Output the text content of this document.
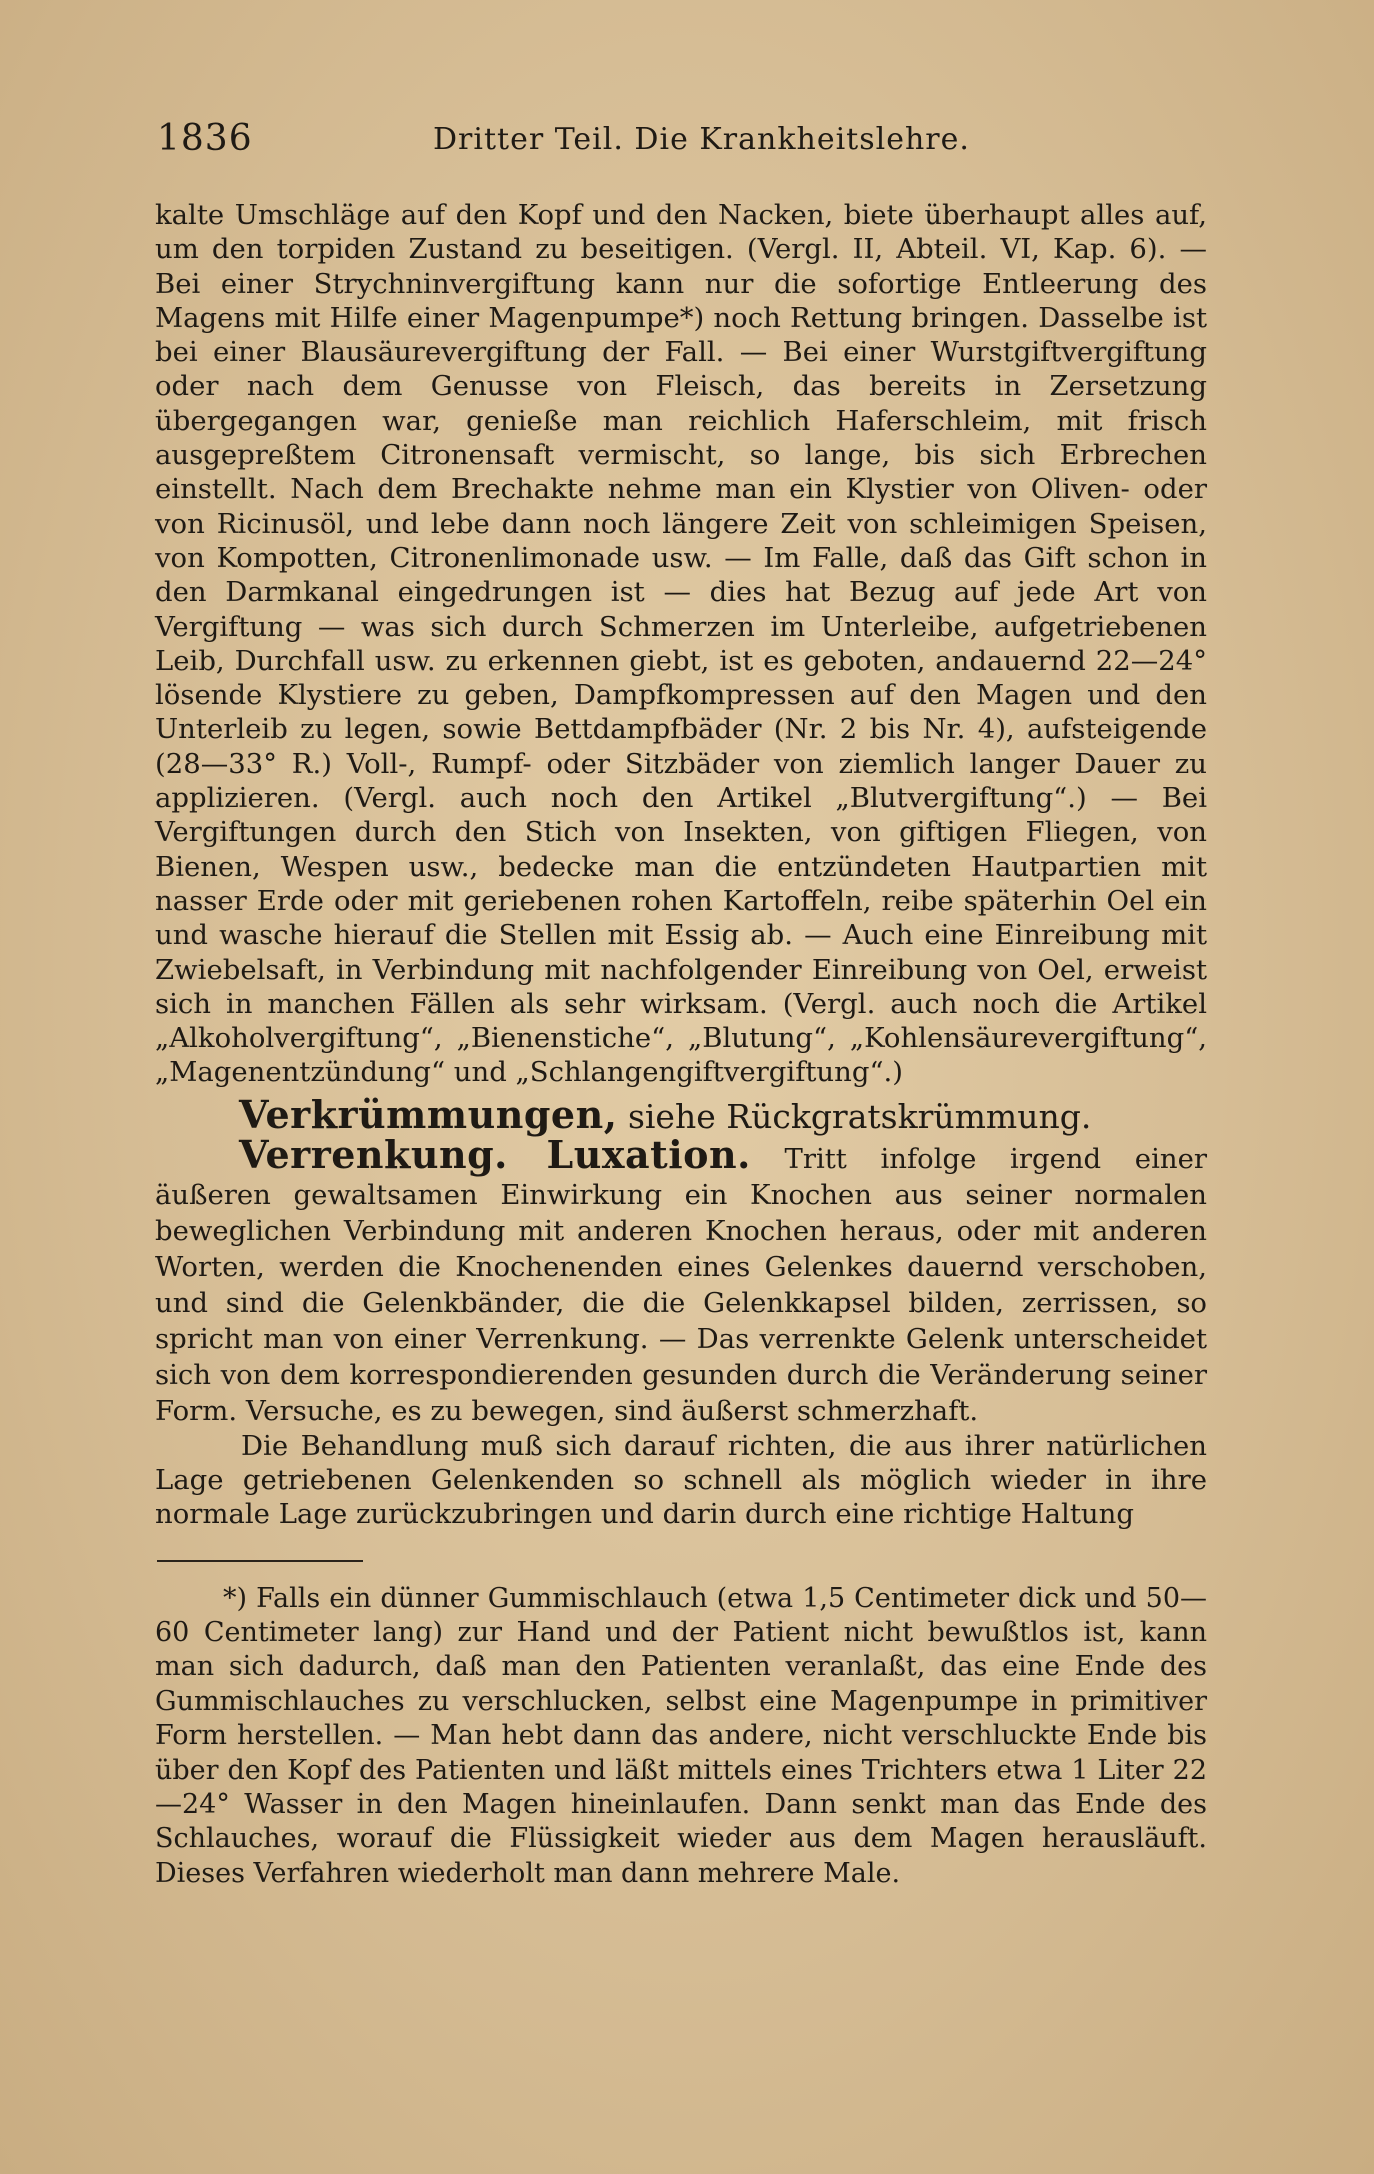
1836	Dritter Teil. Die Krankheitslehre.

kalte Umschläge auf den Kopf und den Nacken, biete überhaupt alles auf, um den torpiden Zustand zu beseitigen. (Vergl. II, Abteil. VI, Kap. 6). — Bei einer Strychninvergiftung kann nur die sofortige Entleerung des Magens mit Hilfe einer Magenpumpe*) noch Rettung bringen. Dasselbe ist bei einer Blausäurevergiftung der Fall. — Bei einer Wurstgiftvergiftung oder nach dem Genusse von Fleisch, das bereits in Zersetzung übergegangen war, genieße man reichlich Haferschleim, mit frisch ausgepreßtem Citronensaft vermischt, so lange, bis sich Erbrechen einstellt. Nach dem Brechakte nehme man ein Klystier von Oliven- oder von Ricinusöl, und lebe dann noch längere Zeit von schleimigen Speisen, von Kompotten, Citronenlimonade usw. — Im Falle, daß das Gift schon in den Darmkanal eingedrungen ist — dies hat Bezug auf jede Art von Vergiftung — was sich durch Schmerzen im Unterleibe, aufgetriebenen Leib, Durchfall usw. zu erkennen giebt, ist es geboten, andauernd 22—24° lösende Klystiere zu geben, Dampfkompressen auf den Magen und den Unterleib zu legen, sowie Bettdampfbäder (Nr. 2 bis Nr. 4), aufsteigende (28—33° R.) Voll-, Rumpf- oder Sitzbäder von ziemlich langer Dauer zu applizieren. (Vergl. auch noch den Artikel „Blutvergiftung“.) — Bei Vergiftungen durch den Stich von Insekten, von giftigen Fliegen, von Bienen, Wespen usw., bedecke man die entzündeten Hautpartien mit nasser Erde oder mit geriebenen rohen Kartoffeln, reibe späterhin Oel ein und wasche hierauf die Stellen mit Essig ab. — Auch eine Einreibung mit Zwiebelsaft, in Verbindung mit nachfolgender Einreibung von Oel, erweist sich in manchen Fällen als sehr wirksam. (Vergl. auch noch die Artikel „Alkoholvergiftung“, „Bienenstiche“, „Blutung“, „Kohlensäurevergiftung“, „Magenentzündung“ und „Schlangengiftvergiftung“.)

Verkrümmungen, siehe Rückgratskrümmung.

Verrenkung. Luxation. Tritt infolge irgend einer äußeren gewaltsamen Einwirkung ein Knochen aus seiner normalen beweglichen Verbindung mit anderen Knochen heraus, oder mit anderen Worten, werden die Knochenenden eines Gelenkes dauernd verschoben, und sind die Gelenkbänder, die die Gelenkkapsel bilden, zerrissen, so spricht man von einer Verrenkung. — Das verrenkte Gelenk unterscheidet sich von dem korrespondierenden gesunden durch die Veränderung seiner Form. Versuche, es zu bewegen, sind äußerst schmerzhaft.

Die Behandlung muß sich darauf richten, die aus ihrer natürlichen Lage getriebenen Gelenkenden so schnell als möglich wieder in ihre normale Lage zurückzubringen und darin durch eine richtige Haltung

*) Falls ein dünner Gummischlauch (etwa 1,5 Centimeter dick und 50—60 Centimeter lang) zur Hand und der Patient nicht bewußtlos ist, kann man sich dadurch, daß man den Patienten veranlaßt, das eine Ende des Gummischlauches zu verschlucken, selbst eine Magenpumpe in primitiver Form herstellen. — Man hebt dann das andere, nicht verschluckte Ende bis über den Kopf des Patienten und läßt mittels eines Trichters etwa 1 Liter 22—24° Wasser in den Magen hineinlaufen. Dann senkt man das Ende des Schlauches, worauf die Flüssigkeit wieder aus dem Magen herausläuft. Dieses Verfahren wiederholt man dann mehrere Male.
